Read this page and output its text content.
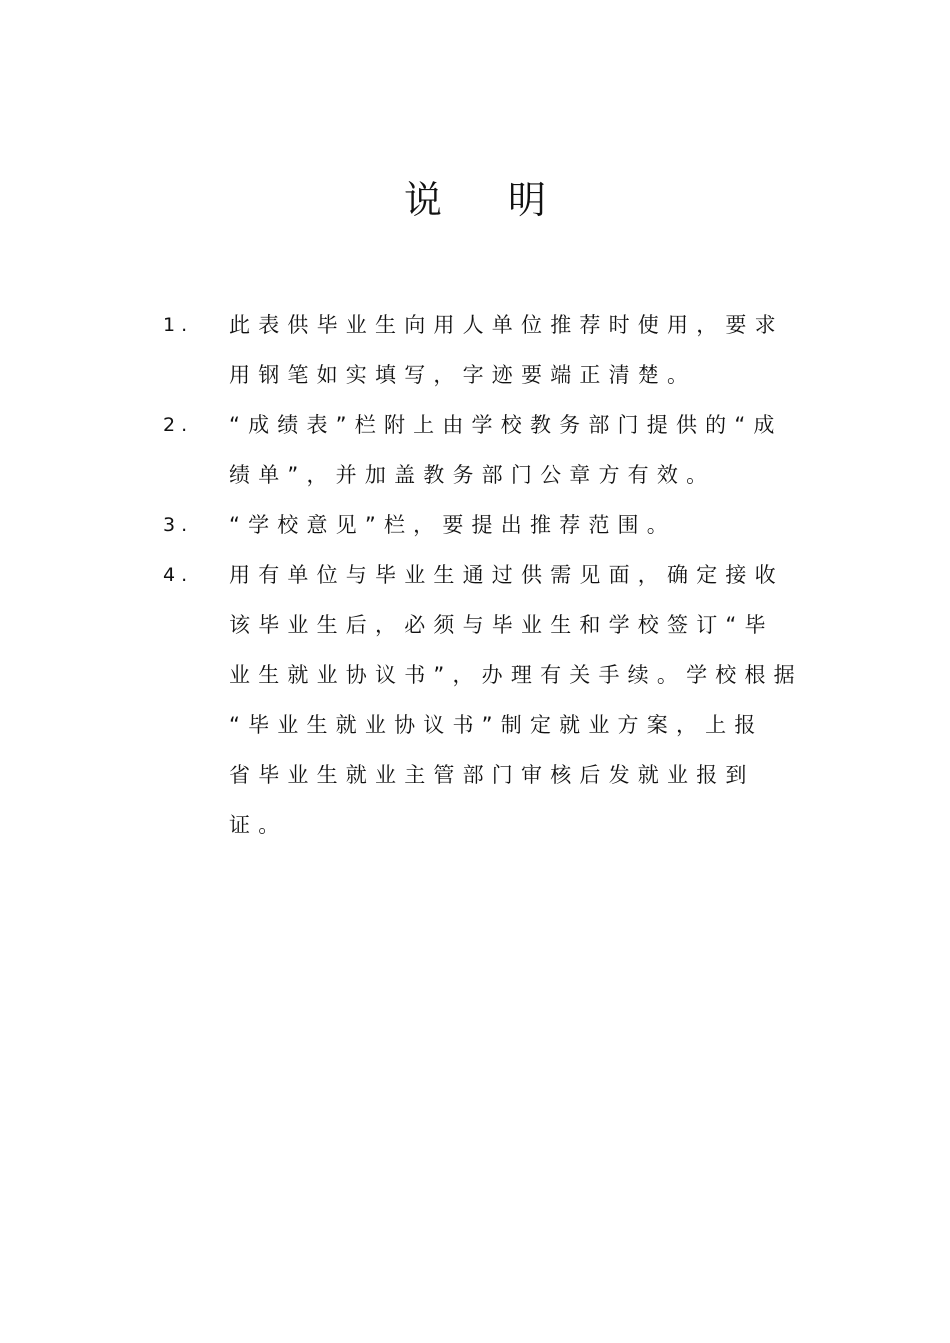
说 明
1.	此表供毕业生向用人单位推荐时使用，要求
用钢笔如实填写，字迹要端正清楚。
2.	“成绩表”栏附上由学校教务部门提供的“成
绩单”，并加盖教务部门公章方有效。
3.	“学校意见”栏，要提出推荐范围。
4.	用有单位与毕业生通过供需见面，确定接收
该毕业生后，必须与毕业生和学校签订“毕
业生就业协议书”，办理有关手续。学校根据
“毕业生就业协议书”制定就业方案，上报
省毕业生就业主管部门审核后发就业报到
证。
